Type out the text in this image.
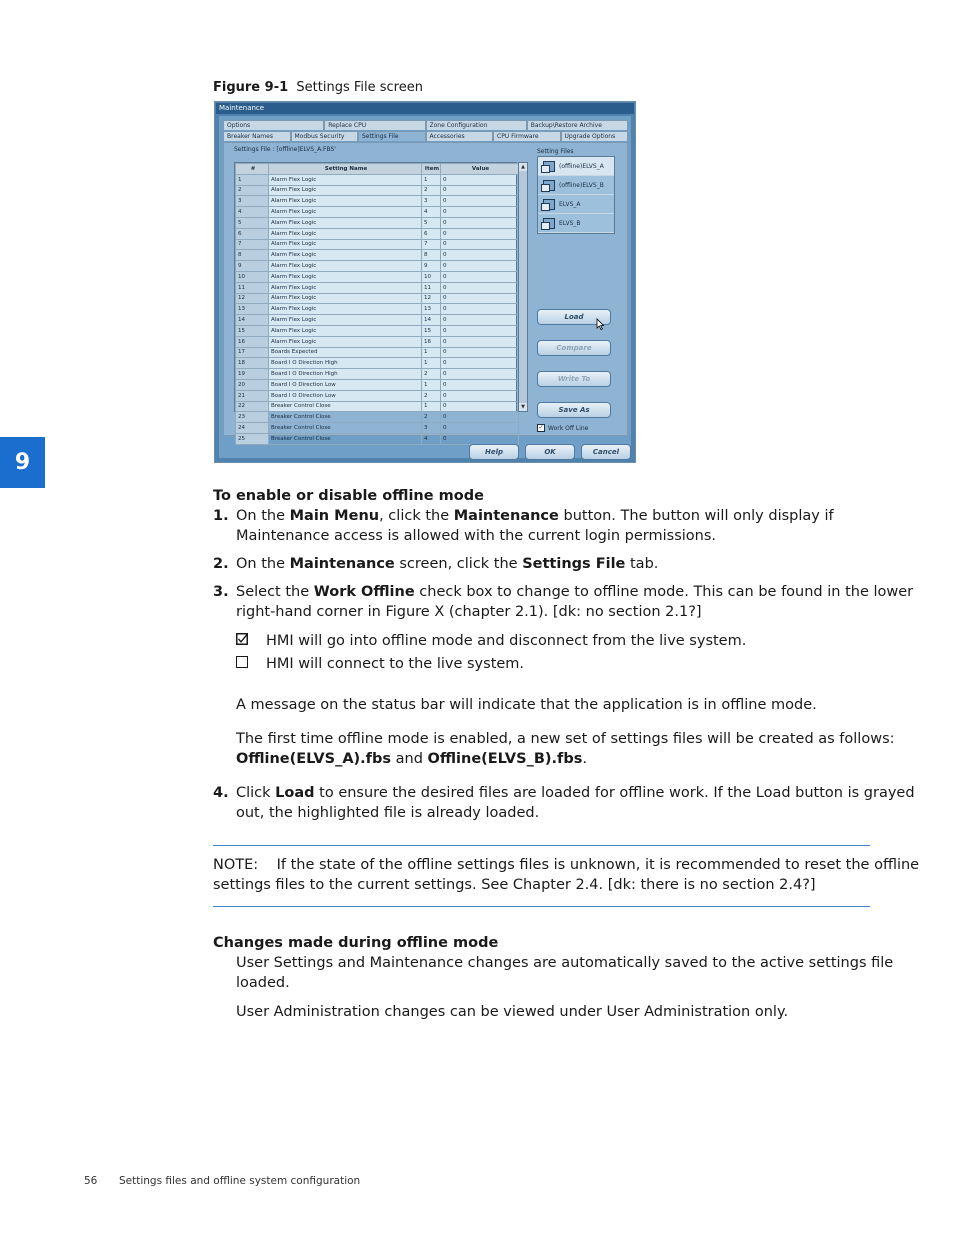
9
Figure 9-1 Settings File screen
Maintenance
Options	Replace CPU	Zone Configuration	Backup\Restore Archive
Breaker Names	Modbus Security	Settings File	Accessories	CPU Firmware	Upgrade Options
Settings File : [offline]ELVS_A.FBS'	Setting Files
#	Setting Name	Item	Value
1	Alarm Flex Logic	1	0
2	Alarm Flex Logic	2	0
3	Alarm Flex Logic	3	0
4	Alarm Flex Logic	4	0
5	Alarm Flex Logic	5	0
6	Alarm Flex Logic	6	0
7	Alarm Flex Logic	7	0
8	Alarm Flex Logic	8	0
9	Alarm Flex Logic	9	0
10	Alarm Flex Logic	10	0
11	Alarm Flex Logic	11	0
12	Alarm Flex Logic	12	0
13	Alarm Flex Logic	13	0
14	Alarm Flex Logic	14	0
15	Alarm Flex Logic	15	0
16	Alarm Flex Logic	16	0
17	Boards Expected	1	0
18	Board I O Direction High	1	0
19	Board I O Direction High	2	0
20	Board I O Direction Low	1	0
21	Board I O Direction Low	2	0
22	Breaker Control Close	1	0
23	Breaker Control Close	2	0
24	Breaker Control Close	3	0
25	Breaker Control Close	4	0
▲
▼
(offline)ELVS_A
(offline)ELVS_B
ELVS_A
ELVS_B
Load
Compare
Write To
Save As
✓ Work Off Line
Help	OK	Cancel
To enable or disable offline mode
1. On the Main Menu, click the Maintenance button. The button will only display if
Maintenance access is allowed with the current login permissions.
2. On the Maintenance screen, click the Settings File tab.
3. Select the Work Offline check box to change to offline mode. This can be found in the lower
right-hand corner in Figure X (chapter 2.1). [dk: no section 2.1?]
HMI will go into offline mode and disconnect from the live system.
HMI will connect to the live system.
A message on the status bar will indicate that the application is in offline mode.
The first time offline mode is enabled, a new set of settings files will be created as follows:
Offline(ELVS_A).fbs and Offline(ELVS_B).fbs.
4. Click Load to ensure the desired files are loaded for offline work. If the Load button is grayed
out, the highlighted file is already loaded.
NOTE:    If the state of the offline settings files is unknown, it is recommended to reset the offline
settings files to the current settings. See Chapter 2.4. [dk: there is no section 2.4?]
Changes made during offline mode
User Settings and Maintenance changes are automatically saved to the active settings file
loaded.
User Administration changes can be viewed under User Administration only.
56 Settings files and offline system configuration
